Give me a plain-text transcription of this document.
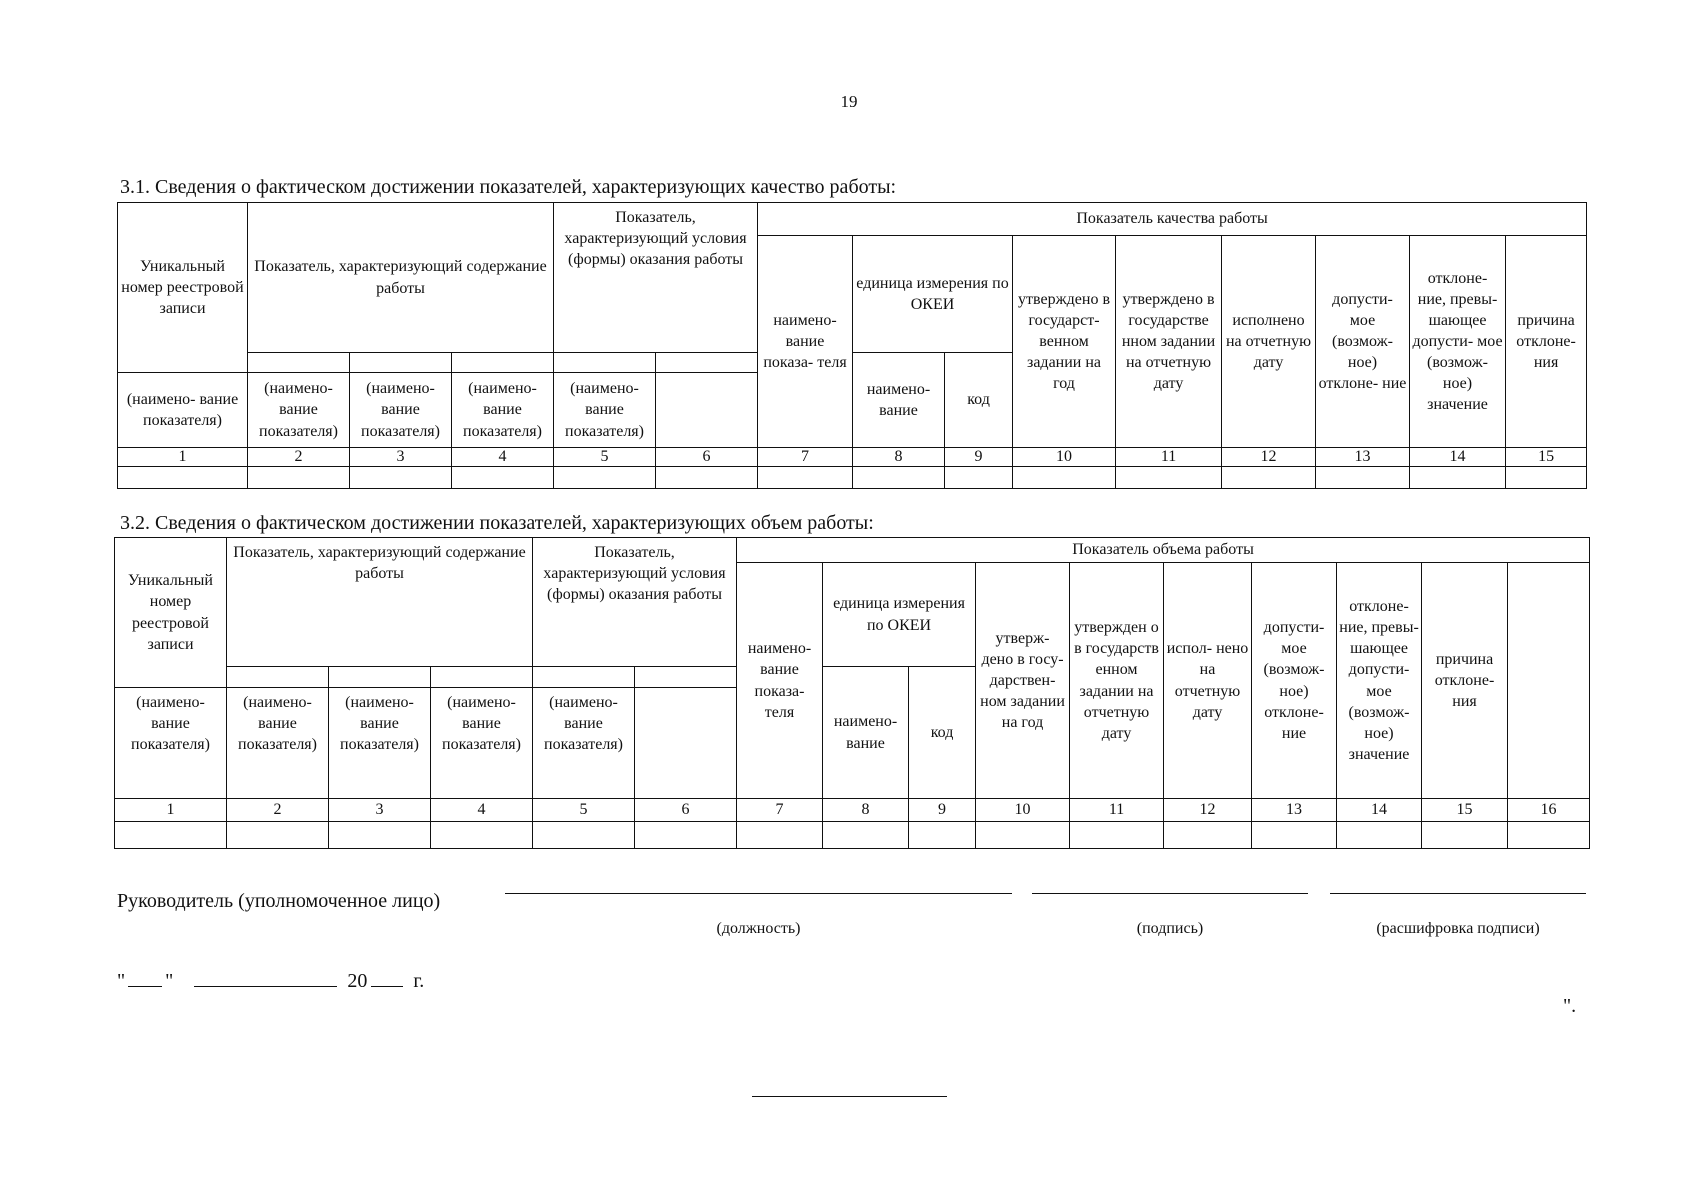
19
3.1. Сведения о фактическом достижении показателей, характеризующих качество работы:
Уникальный номер реестровой записи	Показатель, характеризующий содержание работы			Показатель, характеризующий условия (формы) оказания работы		Показатель качества работы								
						наимено- вание показа- теля	единица измерения по ОКЕИ		утверждено в государст- венном задании на год	утверждено в государстве нном задании на отчетную дату	исполнено на отчетную дату	допусти- мое (возмож- ное) отклоне- ние	отклоне- ние, превы- шающее допусти- мое (возмож- ное) значение	причина отклоне- ния
							наимено- вание	код						
(наимено- вание показателя)	(наимено- вание показателя)	(наимено- вание показателя)	(наимено- вание показателя)	(наимено- вание показателя)										
1	2	3	4	5	6	7	8	9	10	11	12	13	14	15

3.2. Сведения о фактическом достижении показателей, характеризующих объем работы:
Уникальный номер реестровой записи	Показатель, характеризующий содержание работы			Показатель, характеризующий условия (формы) оказания работы		Показатель объема работы	
						наимено- вание показа- теля	единица измерения по ОКЕИ		утверж- дено в госу- дарствен- ном задании на год	утвержден о в государств енном задании на отчетную дату	испол- нено на отчетную дату	допусти- мое (возмож- ное) отклоне- ние	отклоне- ние, превы- шающее допусти- мое (возмож- ное) значение	причина отклоне- ния		
							наимено- вание	код								
(наимено- вание показателя)	(наимено- вание показателя)	(наимено- вание показателя)	(наимено- вание показателя)	(наимено- вание показателя)												
1	2	3	4	5	6	7	8	9	10	11	12	13	14	15	16	

Руководитель (уполномоченное лицо)
(должность)	(подпись)	(расшифровка подписи)
" "	20 г.
".
